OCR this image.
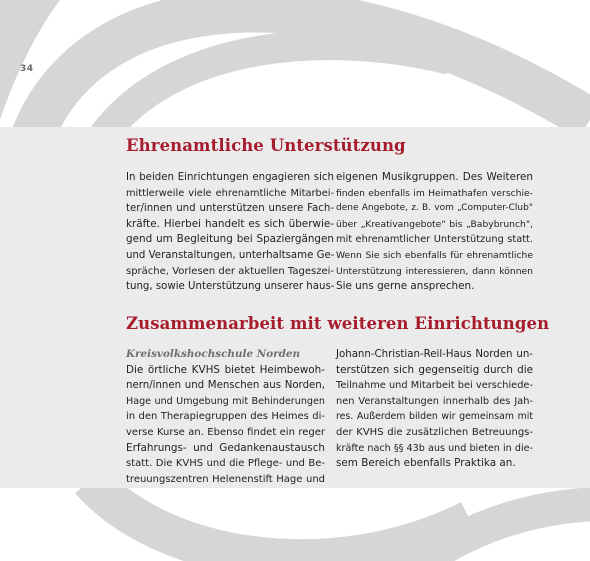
34
Ehrenamtliche Unterstützung
In beiden Einrichtungen engagieren sich
mittlerweile viele ehrenamtliche Mitarbei-
ter/innen und unterstützen unsere Fach-
kräfte. Hierbei handelt es sich überwie-
gend um Begleitung bei Spaziergängen
und Veranstaltungen, unterhaltsame Ge-
spräche, Vorlesen der aktuellen Tageszei-
tung, sowie Unterstützung unserer haus-
eigenen Musikgruppen. Des Weiteren
finden ebenfalls im Heimathafen verschie-
dene Angebote, z. B. vom „Computer-Club"
über „Kreativangebote" bis „Babybrunch",
mit ehrenamtlicher Unterstützung statt.
Wenn Sie sich ebenfalls für ehrenamtliche
Unterstützung interessieren, dann können
Sie uns gerne ansprechen.
Zusammenarbeit mit weiteren Einrichtungen
Kreisvolkshochschule Norden
Die örtliche KVHS bietet Heimbewoh-
nern/innen und Menschen aus Norden,
Hage und Umgebung mit Behinderungen
in den Therapiegruppen des Heimes di-
verse Kurse an. Ebenso findet ein reger
Erfahrungs- und Gedankenaustausch
statt. Die KVHS und die Pflege- und Be-
treuungszentren Helenenstift Hage und
Johann-Christian-Reil-Haus Norden un-
terstützen sich gegenseitig durch die
Teilnahme und Mitarbeit bei verschiede-
nen Veranstaltungen innerhalb des Jah-
res. Außerdem bilden wir gemeinsam mit
der KVHS die zusätzlichen Betreuungs-
kräfte nach §§ 43b aus und bieten in die-
sem Bereich ebenfalls Praktika an.
